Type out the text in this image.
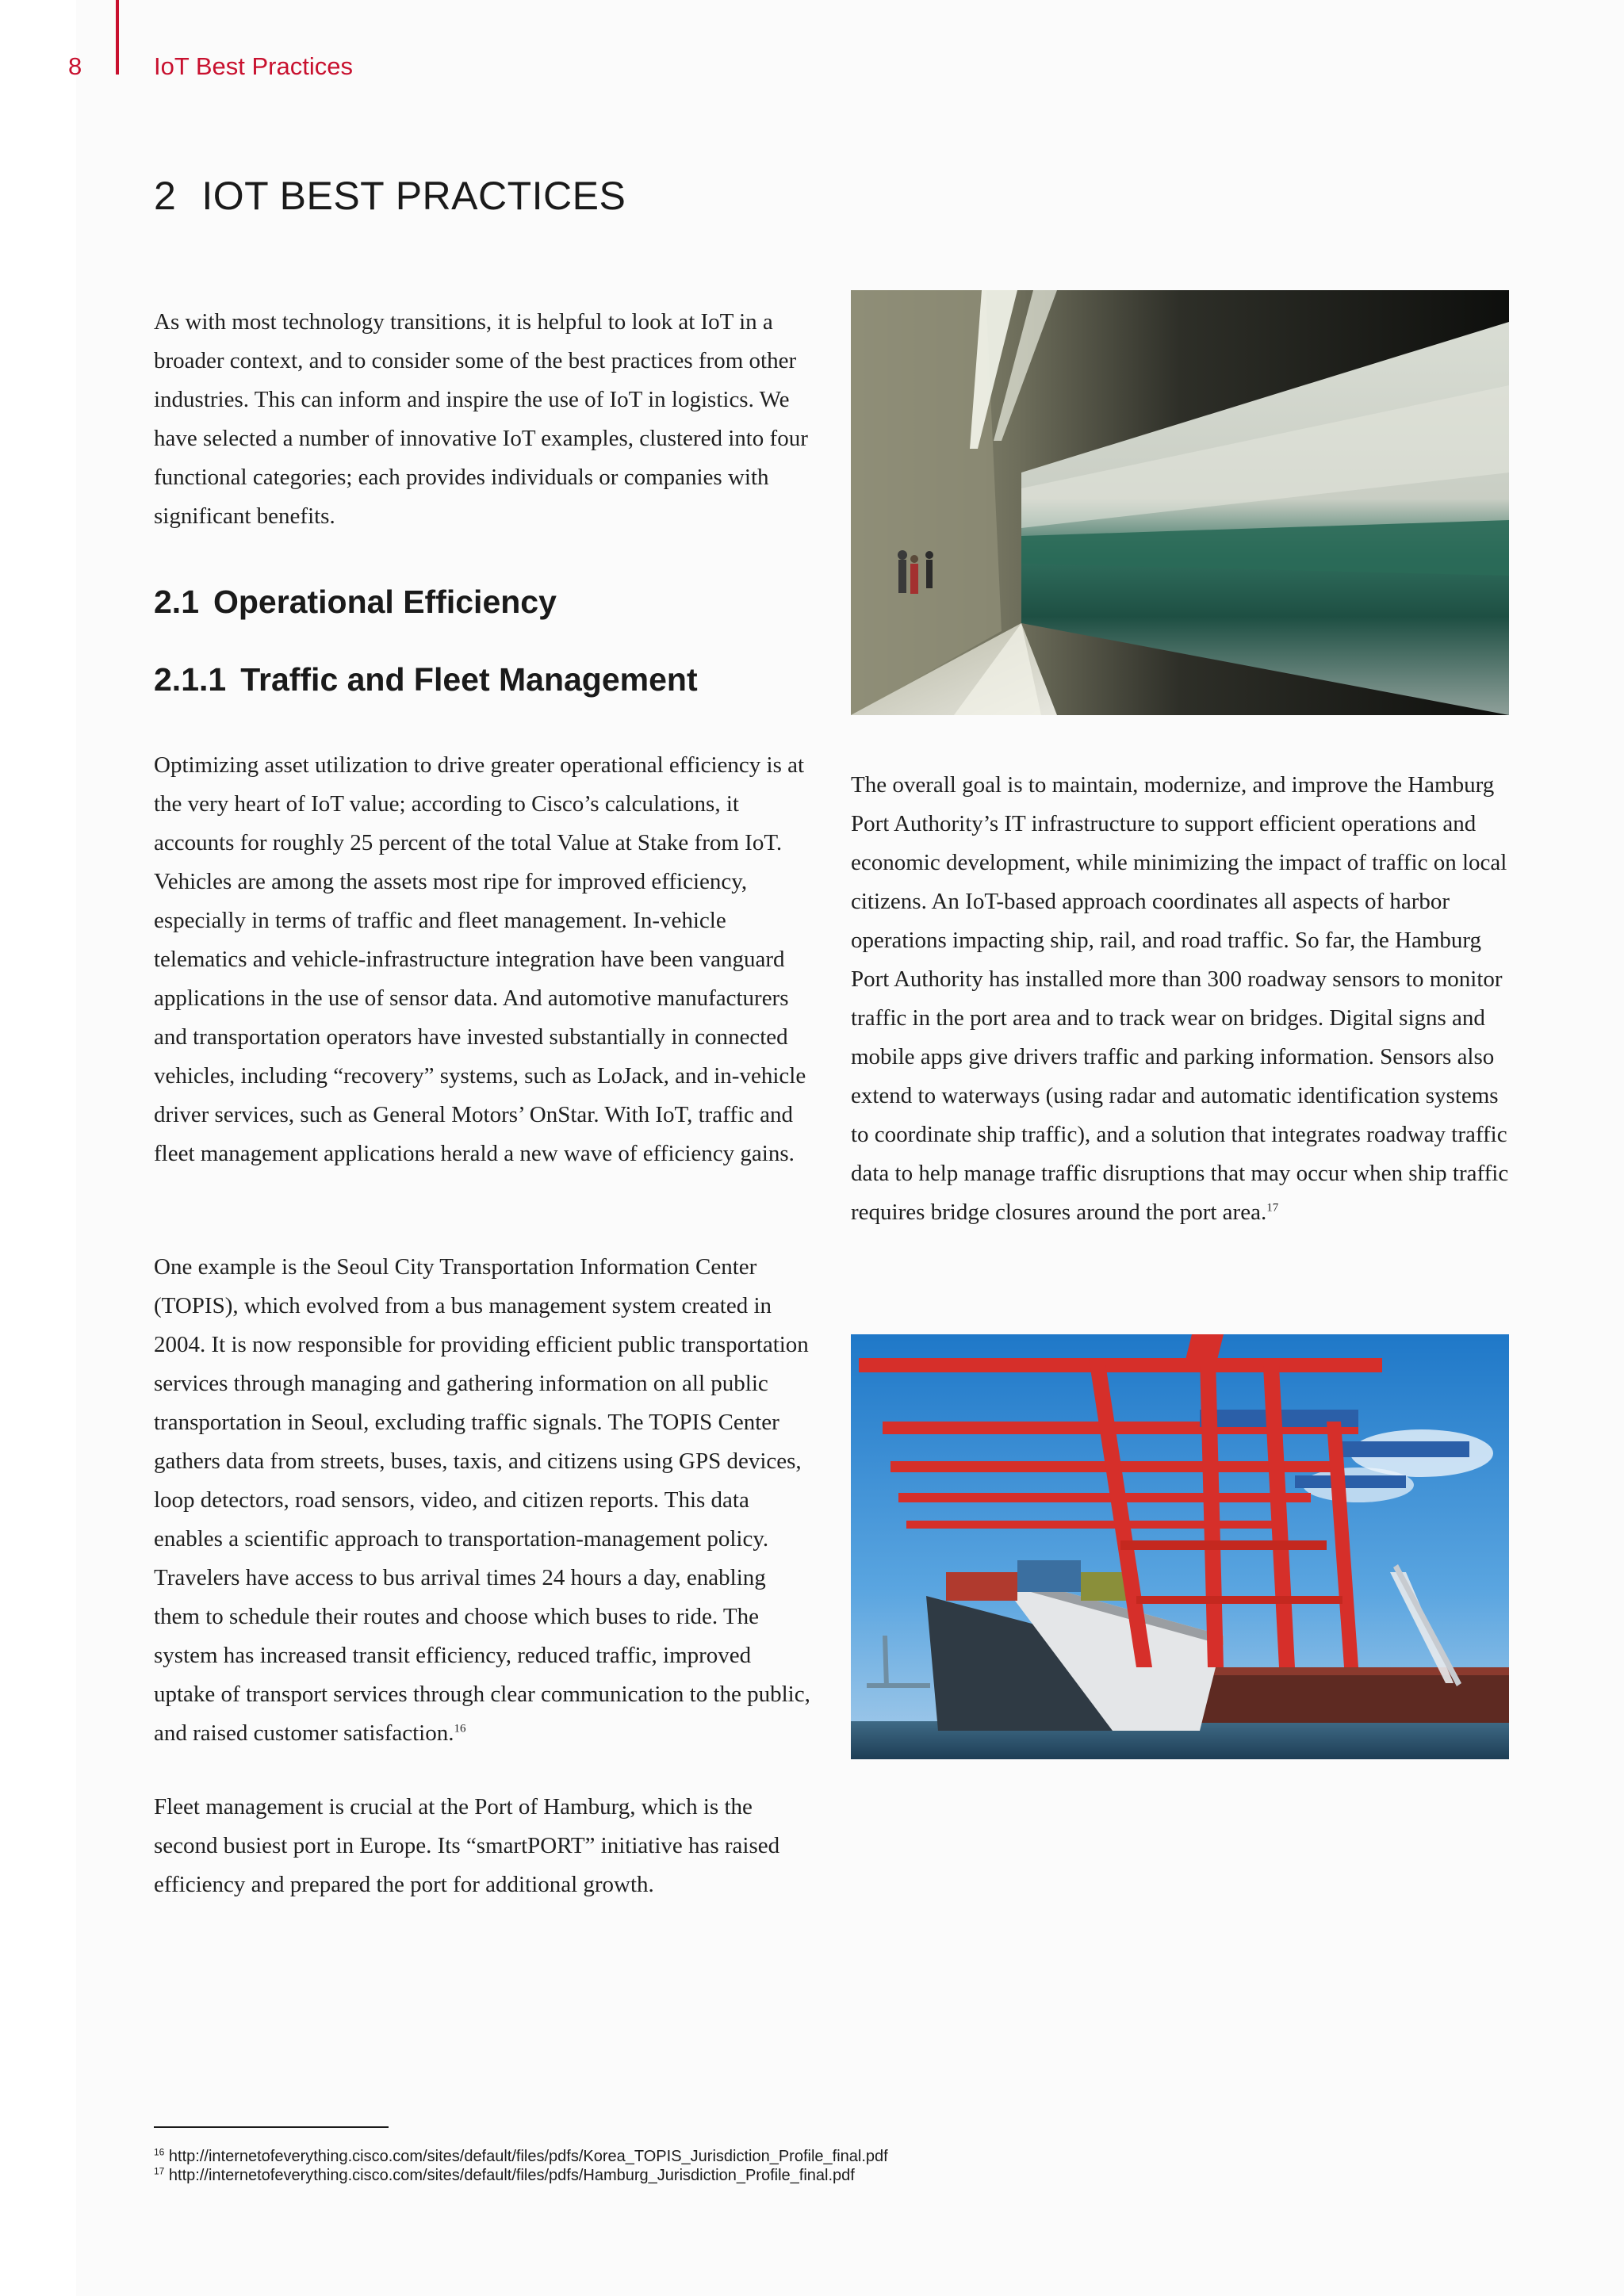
8	IoT Best Practices
2 IOT BEST PRACTICES

As with most technology transitions, it is helpful to look at IoT in a broader context, and to consider some of the best practices from other industries. This can inform and inspire the use of IoT in logistics. We have selected a number of innovative IoT examples, clustered into four functional categories; each provides individuals or companies with significant benefits.

2.1 Operational Efficiency
2.1.1 Traffic and Fleet Management

Optimizing asset utilization to drive greater operational efficiency is at the very heart of IoT value; according to Cisco’s calculations, it accounts for roughly 25 percent of the total Value at Stake from IoT. Vehicles are among the assets most ripe for improved efficiency, especially in terms of traffic and fleet management. In-vehicle telematics and vehicle-infrastructure integration have been vanguard applications in the use of sensor data. And automotive manufacturers and transportation operators have invested substantially in connected vehicles, including “recovery” systems, such as LoJack, and in-vehicle driver services, such as General Motors’ OnStar. With IoT, traffic and fleet management applications herald a new wave of efficiency gains.

One example is the Seoul City Transportation Information Center (TOPIS), which evolved from a bus management system created in 2004. It is now responsible for providing efficient public transportation services through managing and gathering information on all public transportation in Seoul, excluding traffic signals. The TOPIS Center gathers data from streets, buses, taxis, and citizens using GPS devices, loop detectors, road sensors, video, and citizen reports. This data enables a scientific approach to transportation-management policy. Travelers have access to bus arrival times 24 hours a day, enabling them to schedule their routes and choose which buses to ride. The system has increased transit efficiency, reduced traffic, improved uptake of transport services through clear communication to the public, and raised customer satisfaction.$^{16}$

Fleet management is crucial at the Port of Hamburg, which is the second busiest port in Europe. Its “smartPORT” initiative has raised efficiency and prepared the port for additional growth.

The overall goal is to maintain, modernize, and improve the Hamburg Port Authority’s IT infrastructure to support efficient operations and economic development, while minimizing the impact of traffic on local citizens. An IoT-based approach coordinates all aspects of harbor operations impacting ship, rail, and road traffic. So far, the Hamburg Port Authority has installed more than 300 roadway sensors to monitor traffic in the port area and to track wear on bridges. Digital signs and mobile apps give drivers traffic and parking information. Sensors also extend to waterways (using radar and automatic identification systems to coordinate ship traffic), and a solution that integrates roadway traffic data to help manage traffic disruptions that may occur when ship traffic requires bridge closures around the port area.$^{17}$

$^{16}$ http://internetofeverything.cisco.com/sites/default/files/pdfs/Korea_TOPIS_Jurisdiction_Profile_final.pdf
$^{17}$ http://internetofeverything.cisco.com/sites/default/files/pdfs/Hamburg_Jurisdiction_Profile_final.pdf
